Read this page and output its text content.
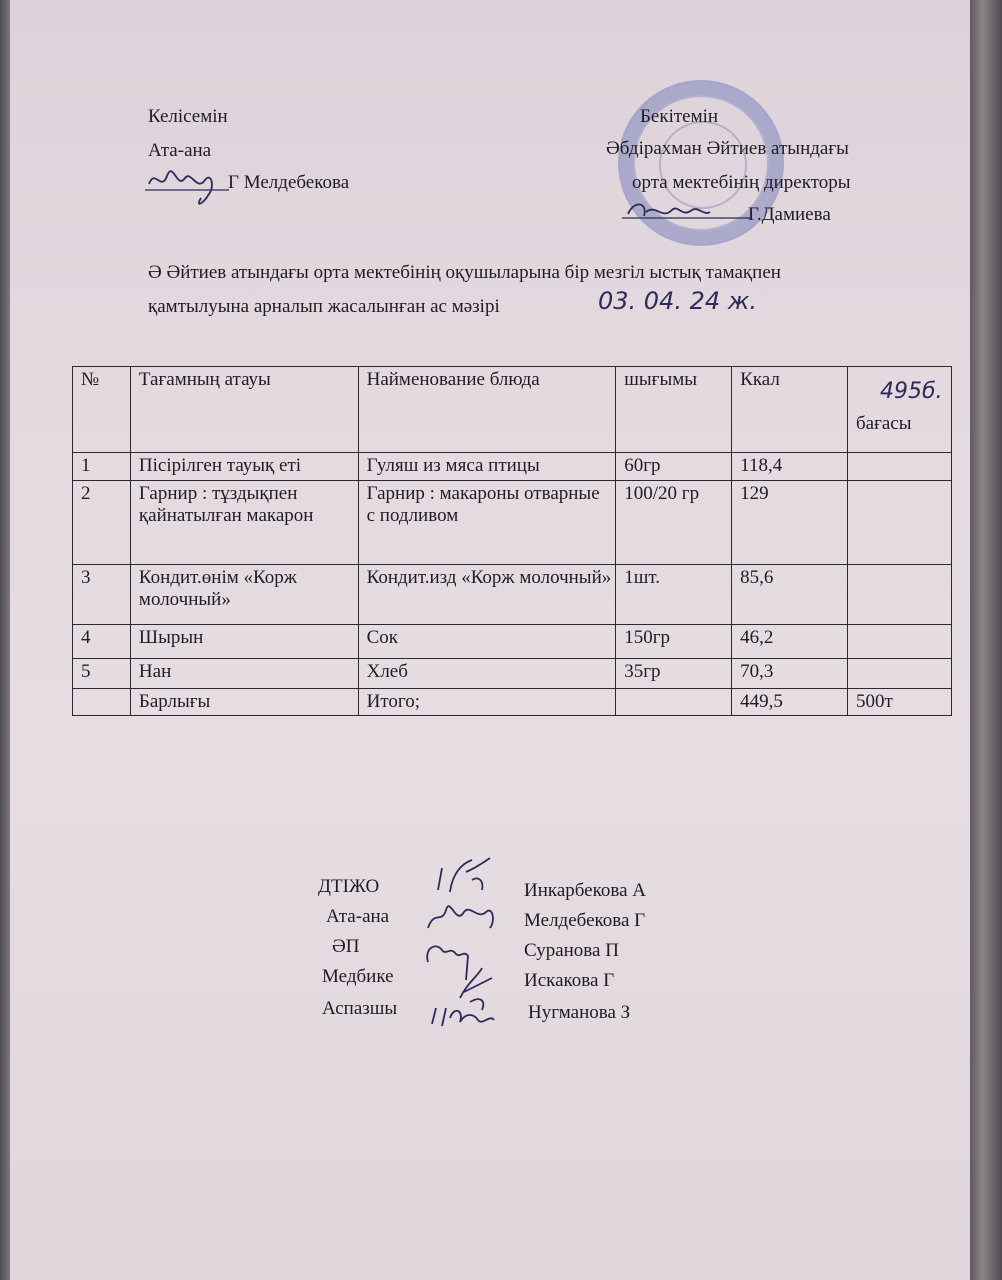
Келісемін
Ата-ана
Г Мелдебекова
Бекітемін
Әбдірахман Әйтиев атындағы
орта мектебінің директоры
Г.Дамиева
Ә Әйтиев атындағы орта мектебінің оқушыларына бір мезгіл ыстық тамақпен
қамтылуына арналып жасалынған ас мәзірі	03. 04. 24 ж.
№	Тағамның атауы	Найменование блюда	шығымы	Ккал	495б.
бағасы

1	Пісірілген тауық еті	Гуляш из мяса птицы	60гр	118,4	
2	Гарнир : тұздықпен қайнатылған макарон	Гарнир : макароны отварные с подливом	100/20 гр	129	
3	Кондит.өнім «Корж молочный»	Кондит.изд «Корж молочный»	1шт.	85,6	
4	Шырын	Сок	150гр	46,2	
5	Нан	Хлеб	35гр	70,3	
	Барлығы	Итого;		449,5	500т
ДТІЖО	Инкарбекова А
Ата-ана	Мелдебекова Г
ӘП	Суранова П
Медбике	Искакова Г
Аспазшы	Нугманова З
